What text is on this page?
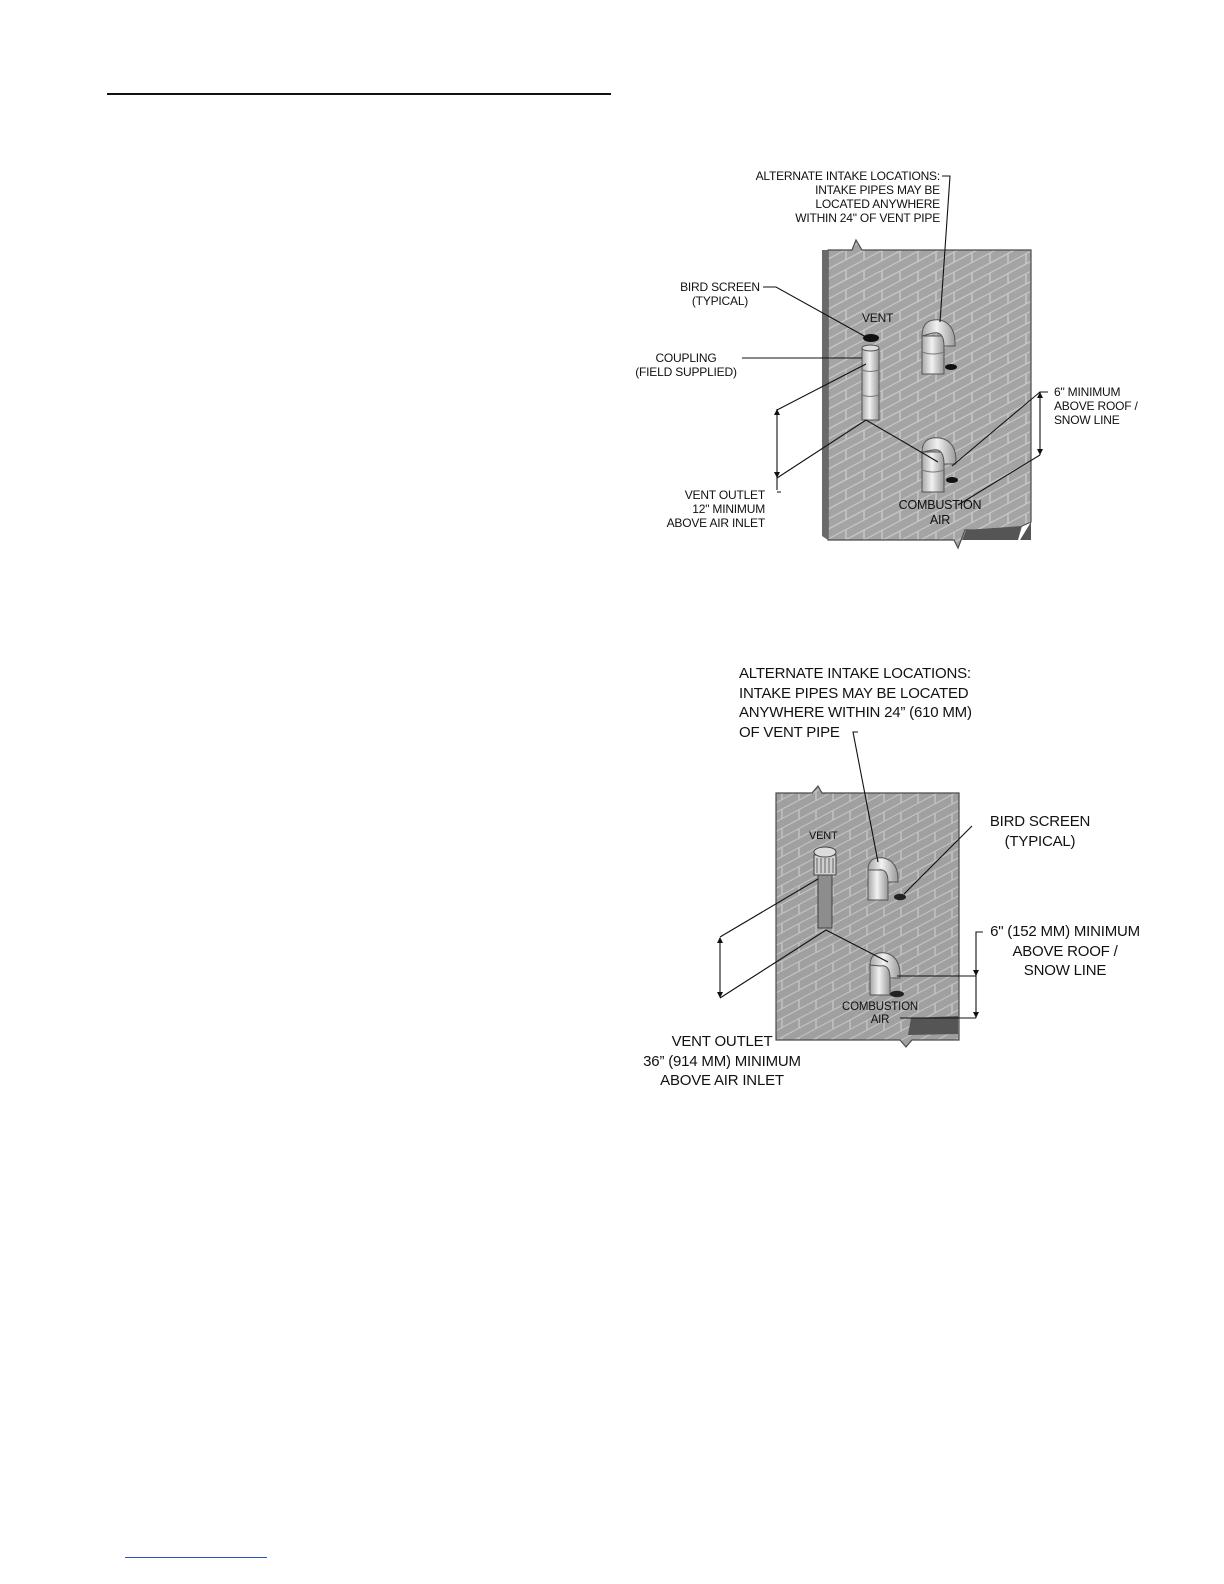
ALTERNATE INTAKE LOCATIONS:
INTAKE PIPES MAY BE
LOCATED ANYWHERE
WITHIN 24" OF VENT PIPE
BIRD SCREEN
(TYPICAL)
VENT
COUPLING
(FIELD SUPPLIED)
6" MINIMUM
ABOVE ROOF /
SNOW LINE
VENT OUTLET
12" MINIMUM
ABOVE AIR INLET
COMBUSTION
AIR
ALTERNATE INTAKE LOCATIONS:
INTAKE PIPES MAY BE LOCATED
ANYWHERE WITHIN 24” (610 MM)
OF VENT PIPE
VENT
BIRD SCREEN
(TYPICAL)
6" (152 MM) MINIMUM
ABOVE ROOF /
SNOW LINE
COMBUSTION
AIR
VENT OUTLET
36” (914 MM) MINIMUM
ABOVE AIR INLET
